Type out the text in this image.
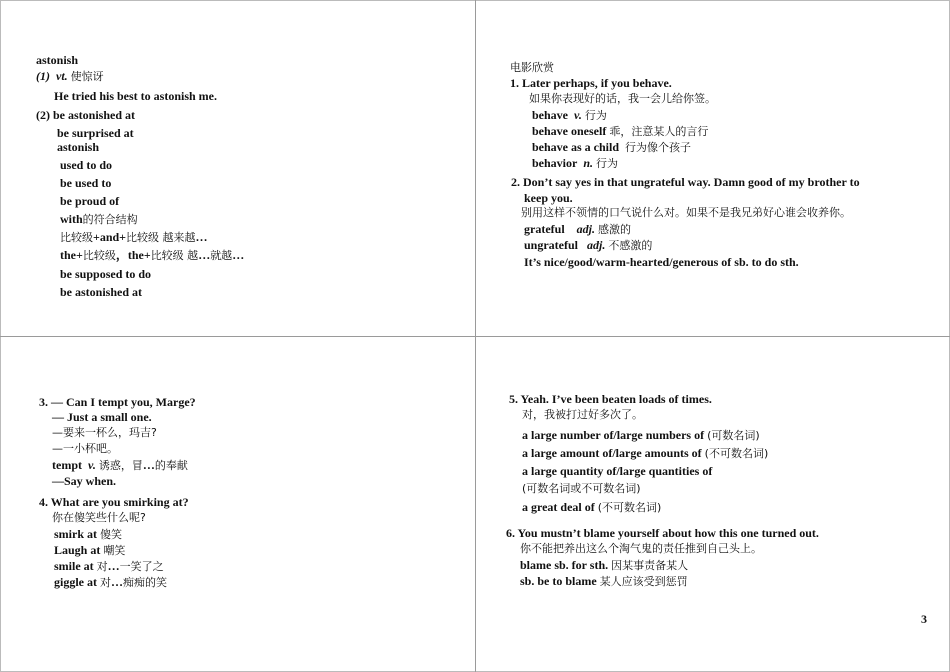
astonish
(1) vt. 使惊讶
He tried his best to astonish me.
(2) be astonished at
be surprised at
astonish
used to do
be used to
be proud of
with的符合结构
比较级+and+比较级 越来越…
the+比较级，the+比较级 越…就越…
be supposed to do
be astonished at
电影欣赏
1. Later perhaps, if you behave.
如果你表现好的话，我一会儿给你签。
behave v. 行为
behave oneself 乖，注意某人的言行
behave as a child 行为像个孩子
behavior n. 行为
2. Don’t say yes in that ungrateful way. Damn good of my brother to
keep you.
别用这样不领情的口气说什么对。如果不是我兄弟好心谁会收养你。
grateful adj. 感激的
ungrateful adj. 不感激的
It’s nice/good/warm-hearted/generous of sb. to do sth.
3. — Can I tempt you, Marge?
— Just a small one.
—要来一杯么，玛吉?
—一小杯吧。
tempt v. 诱惑，冒…的奉献
—Say when.
4. What are you smirking at?
你在傻笑些什么呢?
smirk at 傻笑
Laugh at 嘲笑
smile at 对…一笑了之
giggle at 对…痴痴的笑
5. Yeah. I’ve been beaten loads of times.
对，我被打过好多次了。
a large number of/large numbers of (可数名词)
a large amount of/large amounts of (不可数名词)
a large quantity of/large quantities of
(可数名词或不可数名词)
a great deal of (不可数名词)
6. You mustn’t blame yourself about how this one turned out.
你不能把养出这么个淘气鬼的责任推到自己头上。
blame sb. for sth. 因某事责备某人
sb. be to blame 某人应该受到惩罚
3
